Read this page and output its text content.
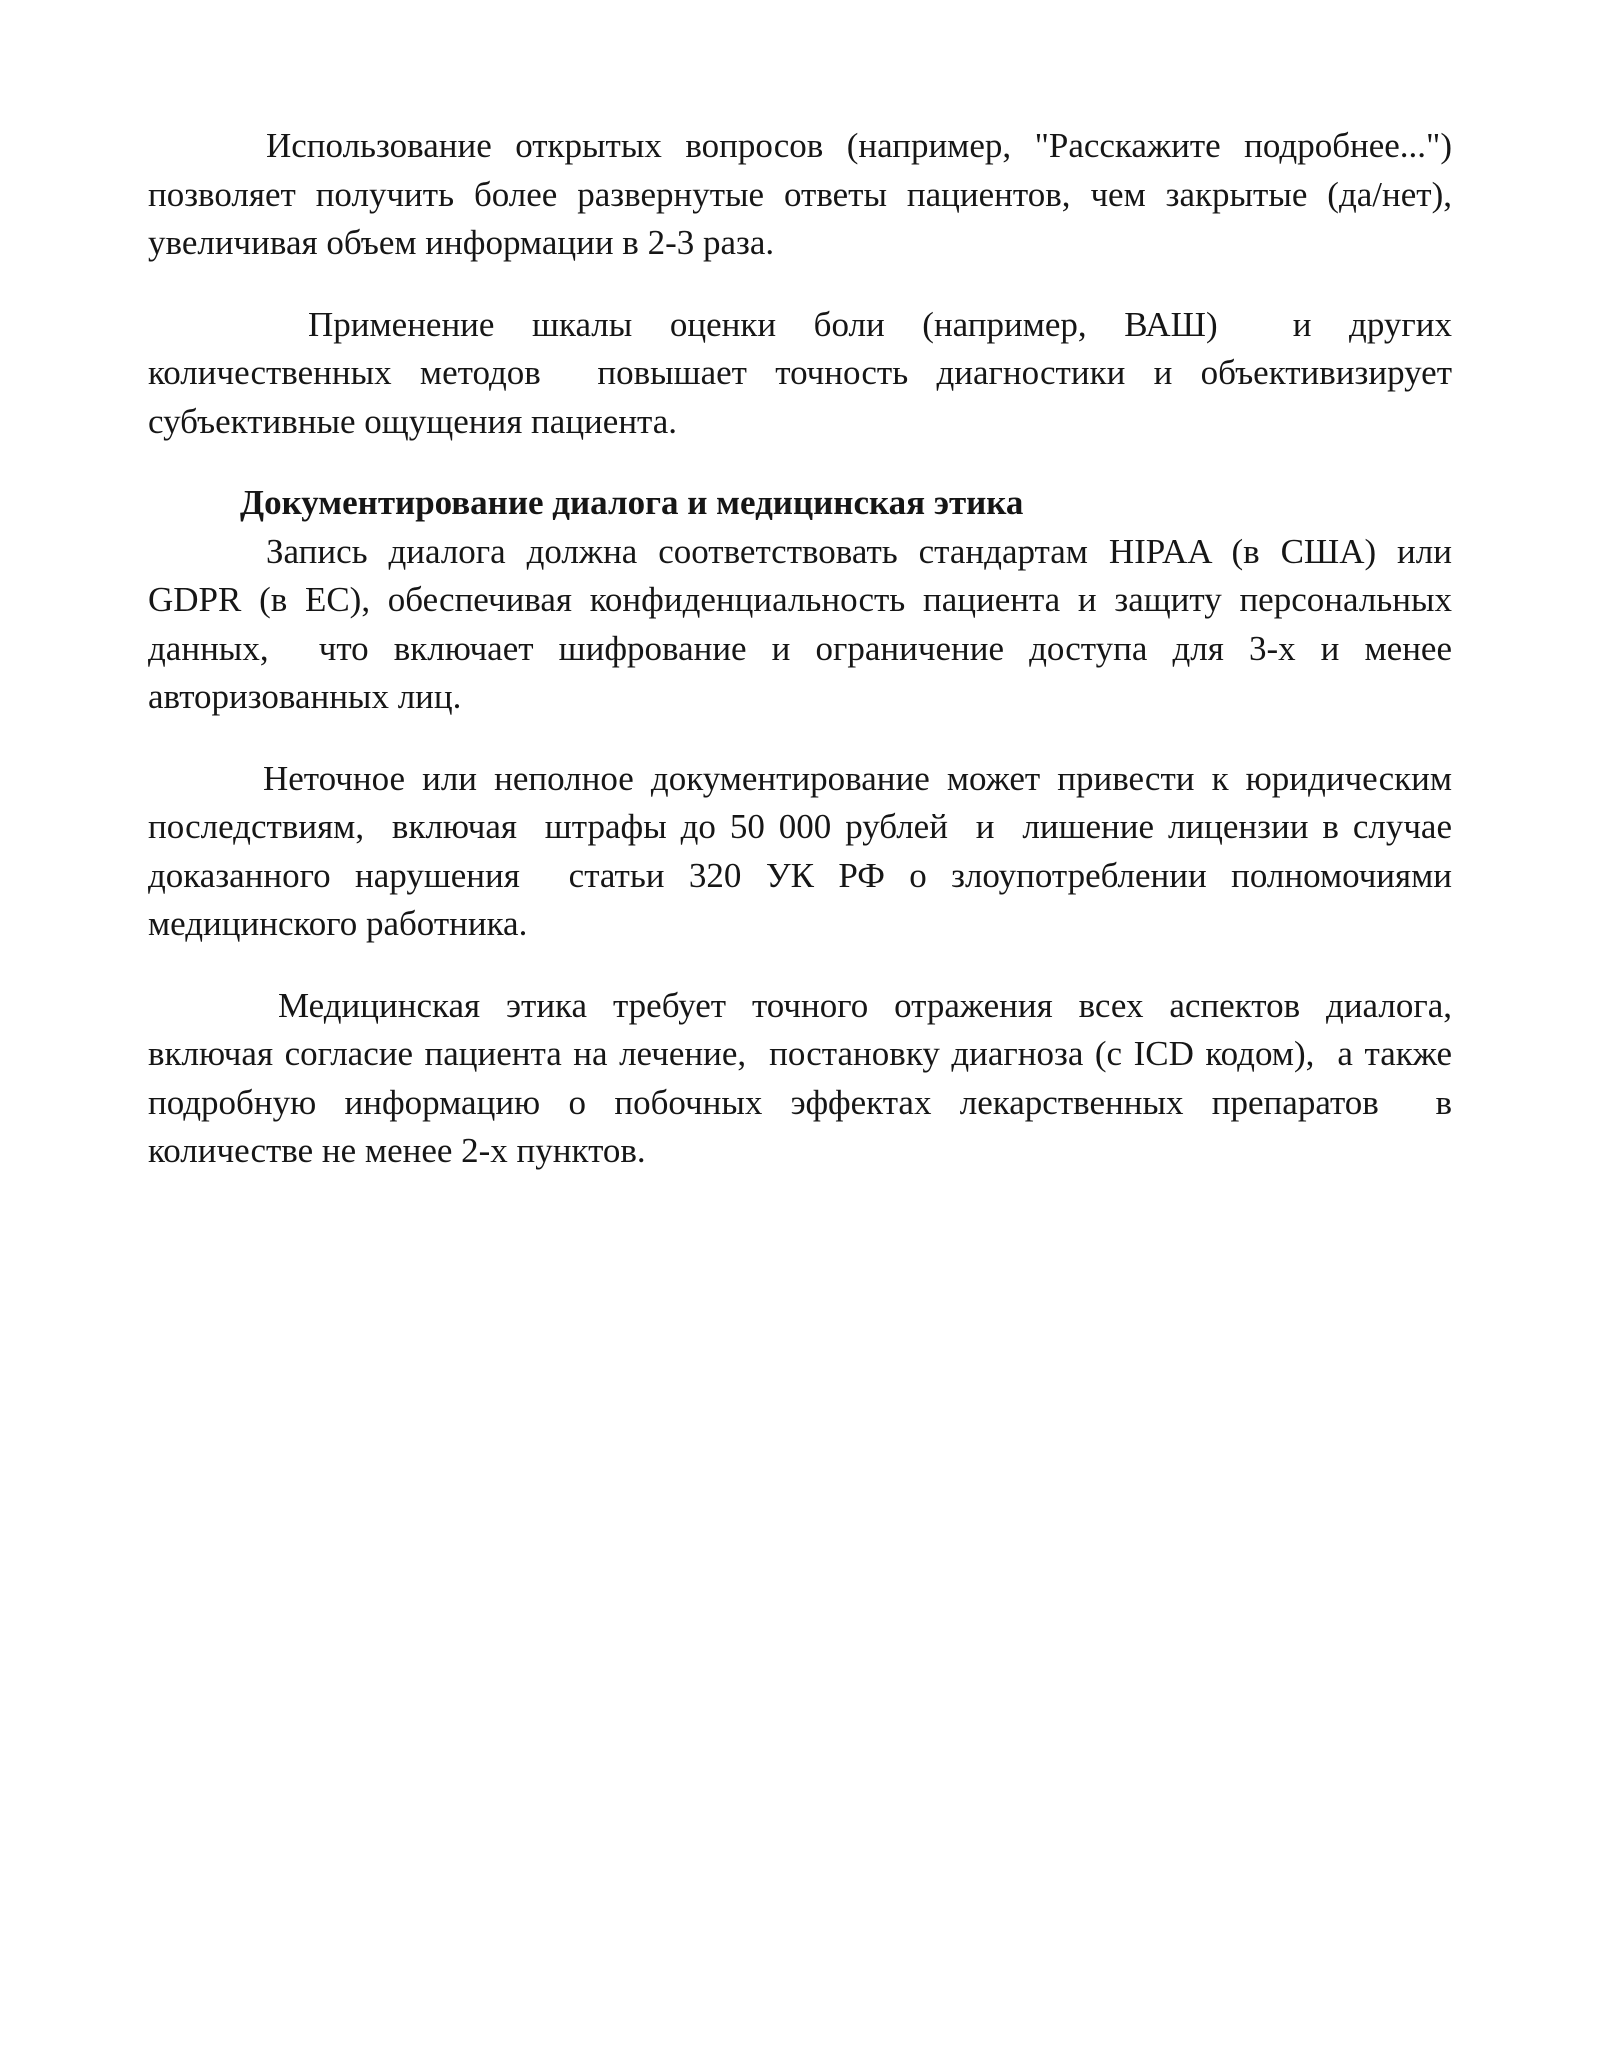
Использование открытых вопросов (например, "Расскажите подробнее...") позволяет получить более развернутые ответы пациентов, чем закрытые (да/нет), увеличивая объем информации в 2-3 раза.

Применение шкалы оценки боли (например, ВАШ)  и других количественных методов  повышает точность диагностики и объективизирует субъективные ощущения пациента.

Документирование диалога и медицинская этика

Запись диалога должна соответствовать стандартам HIPAA (в США) или GDPR (в ЕС), обеспечивая конфиденциальность пациента и защиту персональных данных,  что включает шифрование и ограничение доступа для 3-х и менее авторизованных лиц.

Неточное или неполное документирование может привести к юридическим последствиям,  включая  штрафы до 50 000 рублей  и  лишение лицензии в случае доказанного нарушения  статьи 320 УК РФ о злоупотреблении полномочиями медицинского работника.

Медицинская этика требует точного отражения всех аспектов диалога, включая согласие пациента на лечение,  постановку диагноза (с ICD кодом),  а также подробную информацию о побочных эффектах лекарственных препаратов  в количестве не менее 2-х пунктов.
